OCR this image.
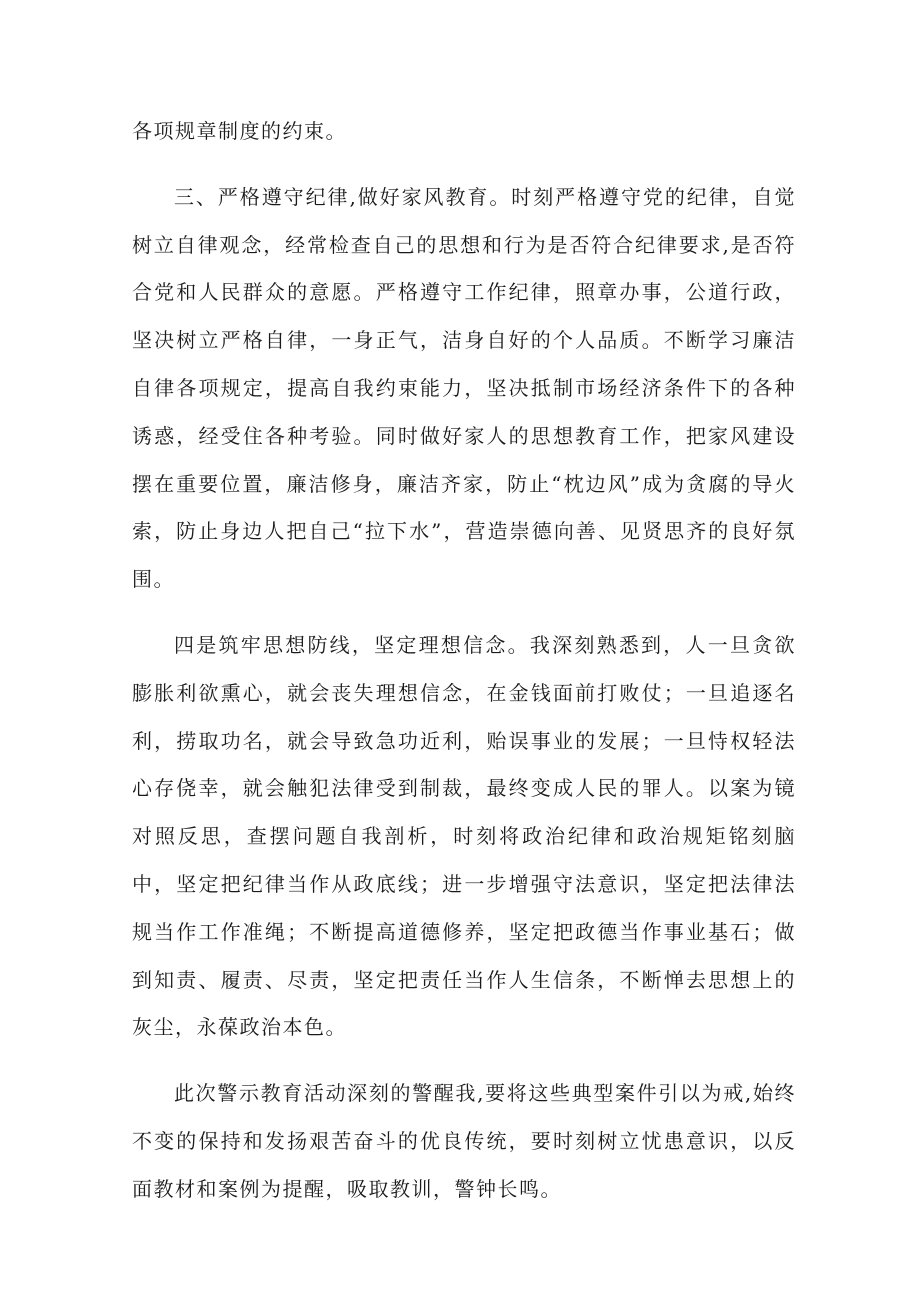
各项规章制度的约束。

三、严格遵守纪律,做好家风教育。时刻严格遵守党的纪律，自觉树立自律观念，经常检查自己的思想和行为是否符合纪律要求,是否符合党和人民群众的意愿。严格遵守工作纪律，照章办事，公道行政，坚决树立严格自律，一身正气，洁身自好的个人品质。不断学习廉洁自律各项规定，提高自我约束能力，坚决抵制市场经济条件下的各种诱惑，经受住各种考验。同时做好家人的思想教育工作，把家风建设摆在重要位置，廉洁修身，廉洁齐家，防止“枕边风”成为贪腐的导火索，防止身边人把自己“拉下水”，营造崇德向善、见贤思齐的良好氛围。

四是筑牢思想防线，坚定理想信念。我深刻熟悉到，人一旦贪欲膨胀利欲熏心，就会丧失理想信念，在金钱面前打败仗；一旦追逐名利，捞取功名，就会导致急功近利，贻误事业的发展；一旦恃权轻法心存侥幸，就会触犯法律受到制裁，最终变成人民的罪人。以案为镜对照反思，查摆问题自我剖析，时刻将政治纪律和政治规矩铭刻脑中，坚定把纪律当作从政底线；进一步增强守法意识，坚定把法律法规当作工作准绳；不断提高道德修养，坚定把政德当作事业基石；做到知责、履责、尽责，坚定把责任当作人生信条，不断惮去思想上的灰尘，永葆政治本色。

此次警示教育活动深刻的警醒我,要将这些典型案件引以为戒,始终不变的保持和发扬艰苦奋斗的优良传统，要时刻树立忧患意识，以反面教材和案例为提醒，吸取教训，警钟长鸣。
